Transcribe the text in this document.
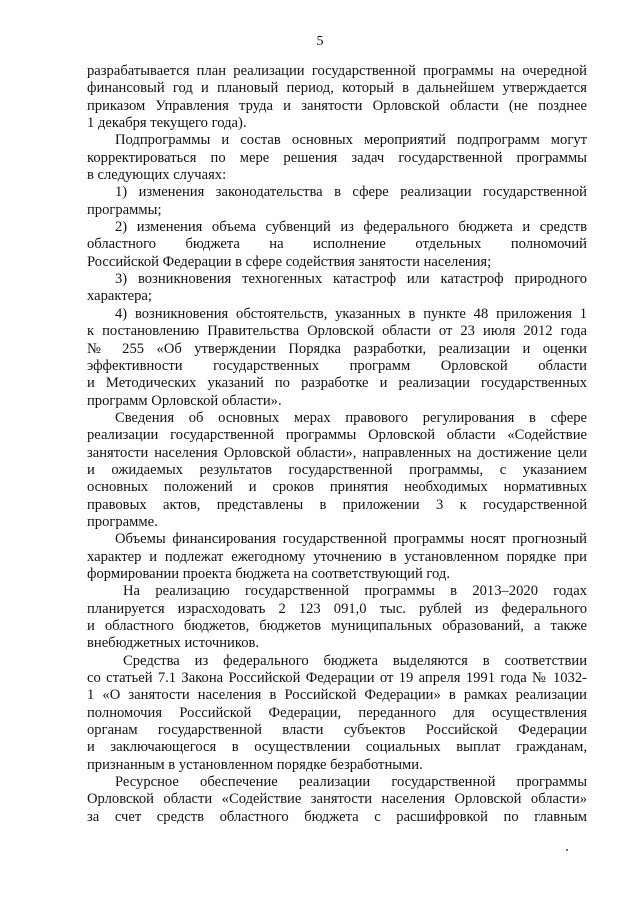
5
разрабатывается план реализации государственной программы на очередной
финансовый год и плановый период, который в дальнейшем утверждается
приказом Управления труда и занятости Орловской области (не позднее
1 декабря текущего года).
Подпрограммы и состав основных мероприятий подпрограмм могут
корректироваться по мере решения задач государственной программы
в следующих случаях:
1) изменения законодательства в сфере реализации государственной
программы;
2) изменения объема субвенций из федерального бюджета и средств
областного бюджета на исполнение отдельных полномочий
Российской Федерации в сфере содействия занятости населения;
3) возникновения техногенных катастроф или катастроф природного
характера;
4) возникновения обстоятельств, указанных в пункте 48 приложения 1
к постановлению Правительства Орловской области от 23 июля 2012 года
№ 255 «Об утверждении Порядка разработки, реализации и оценки
эффективности государственных программ Орловской области
и Методических указаний по разработке и реализации государственных
программ Орловской области».
Сведения об основных мерах правового регулирования в сфере
реализации государственной программы Орловской области «Содействие
занятости населения Орловской области», направленных на достижение цели
и ожидаемых результатов государственной программы, с указанием
основных положений и сроков принятия необходимых нормативных
правовых актов, представлены в приложении 3 к государственной
программе.
Объемы финансирования государственной программы носят прогнозный
характер и подлежат ежегодному уточнению в установленном порядке при
формировании проекта бюджета на соответствующий год.
На реализацию государственной программы в 2013–2020 годах
планируется израсходовать 2 123 091,0 тыс. рублей из федерального
и областного бюджетов, бюджетов муниципальных образований, а также
внебюджетных источников.
Средства из федерального бюджета выделяются в соответствии
со статьей 7.1 Закона Российской Федерации от 19 апреля 1991 года № 1032-
1 «О занятости населения в Российской Федерации» в рамках реализации
полномочия Российской Федерации, переданного для осуществления
органам государственной власти субъектов Российской Федерации
и заключающегося в осуществлении социальных выплат гражданам,
признанным в установленном порядке безработными.
Ресурсное обеспечение реализации государственной программы
Орловской области «Содействие занятости населения Орловской области»
за счет средств областного бюджета с расшифровкой по главным
